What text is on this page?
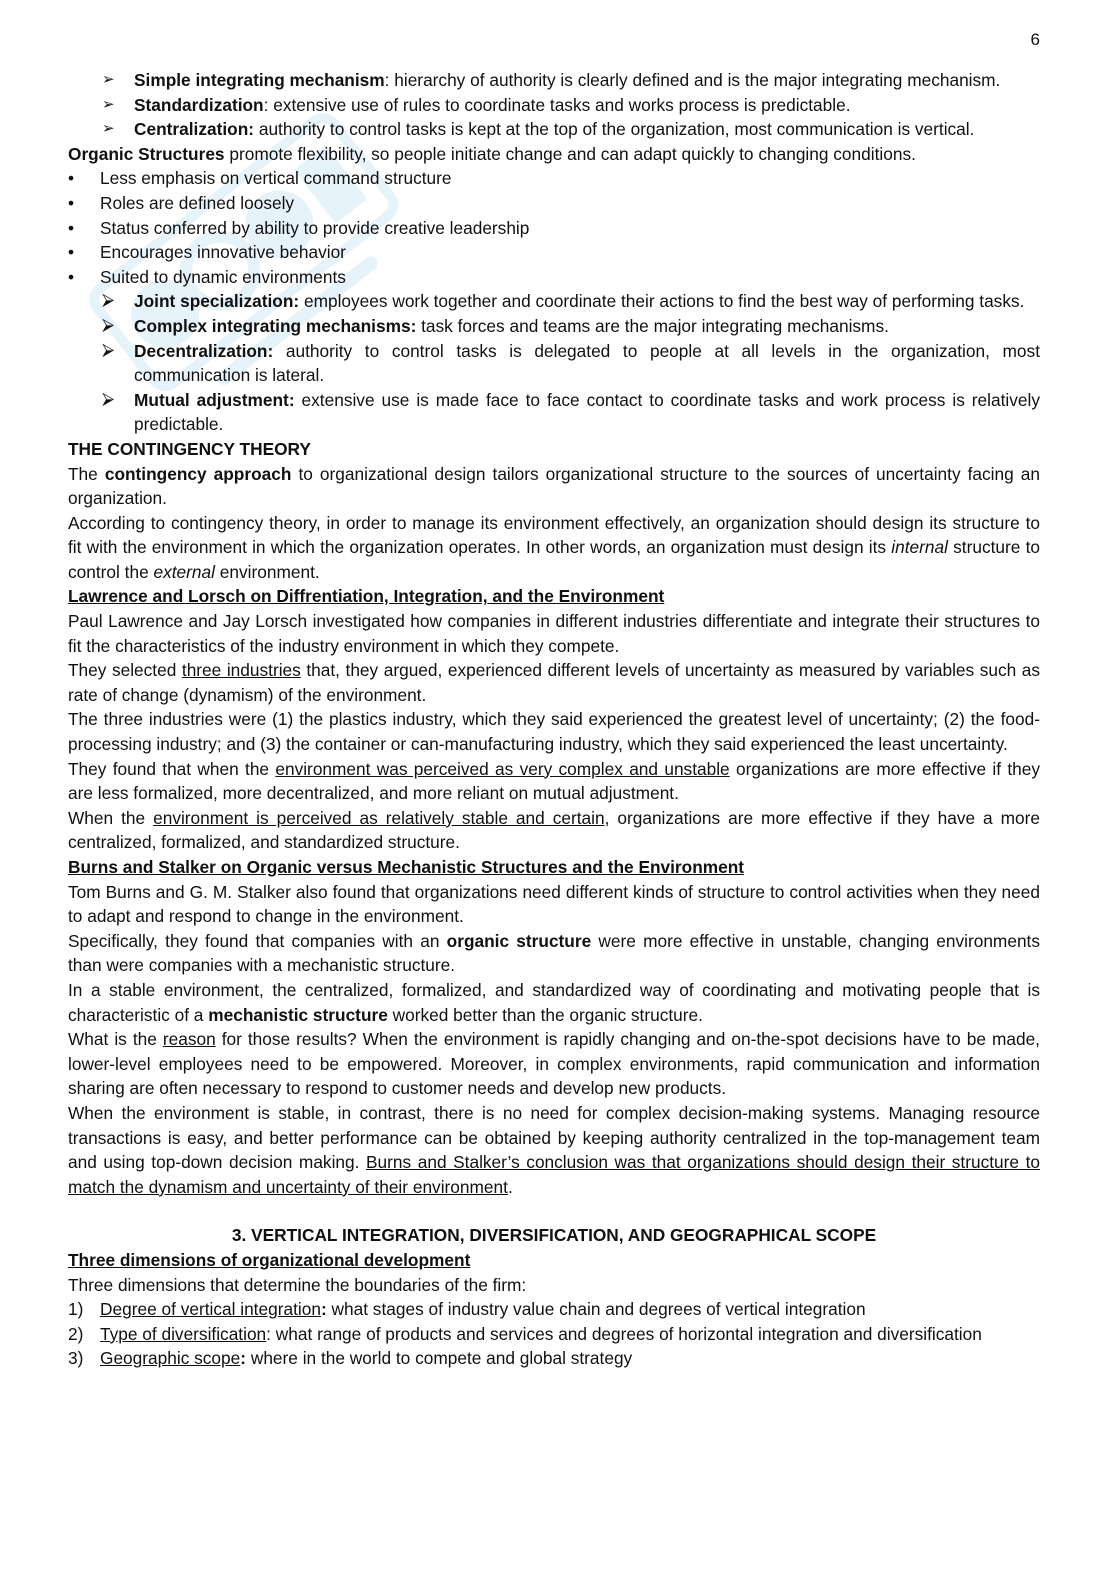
6
➢ Simple integrating mechanism: hierarchy of authority is clearly defined and is the major integrating mechanism.
➢ Standardization: extensive use of rules to coordinate tasks and works process is predictable.
➢ Centralization: authority to control tasks is kept at the top of the organization, most communication is vertical.

Organic Structures promote flexibility, so people initiate change and can adapt quickly to changing conditions.

• Less emphasis on vertical command structure
• Roles are defined loosely
• Status conferred by ability to provide creative leadership
• Encourages innovative behavior
• Suited to dynamic environments
⮚ Joint specialization: employees work together and coordinate their actions to find the best way of performing tasks.
⮚ Complex integrating mechanisms: task forces and teams are the major integrating mechanisms.
⮚ Decentralization: authority to control tasks is delegated to people at all levels in the organization, most communication is lateral.
⮚ Mutual adjustment: extensive use is made face to face contact to coordinate tasks and work process is relatively predictable.

THE CONTINGENCY THEORY

The contingency approach to organizational design tailors organizational structure to the sources of uncertainty facing an organization.

According to contingency theory, in order to manage its environment effectively, an organization should design its structure to fit with the environment in which the organization operates. In other words, an organization must design its internal structure to control the external environment.

Lawrence and Lorsch on Diffrentiation, Integration, and the Environment

Paul Lawrence and Jay Lorsch investigated how companies in different industries differentiate and integrate their structures to fit the characteristics of the industry environment in which they compete.

They selected three industries that, they argued, experienced different levels of uncertainty as measured by variables such as rate of change (dynamism) of the environment.

The three industries were (1) the plastics industry, which they said experienced the greatest level of uncertainty; (2) the food-processing industry; and (3) the container or can-manufacturing industry, which they said experienced the least uncertainty.

They found that when the environment was perceived as very complex and unstable organizations are more effective if they are less formalized, more decentralized, and more reliant on mutual adjustment.

When the environment is perceived as relatively stable and certain, organizations are more effective if they have a more centralized, formalized, and standardized structure.

Burns and Stalker on Organic versus Mechanistic Structures and the Environment

Tom Burns and G. M. Stalker also found that organizations need different kinds of structure to control activities when they need to adapt and respond to change in the environment.

Specifically, they found that companies with an organic structure were more effective in unstable, changing environments than were companies with a mechanistic structure.

In a stable environment, the centralized, formalized, and standardized way of coordinating and motivating people that is characteristic of a mechanistic structure worked better than the organic structure.

What is the reason for those results? When the environment is rapidly changing and on-the-spot decisions have to be made, lower-level employees need to be empowered. Moreover, in complex environments, rapid communication and information sharing are often necessary to respond to customer needs and develop new products.

When the environment is stable, in contrast, there is no need for complex decision-making systems. Managing resource transactions is easy, and better performance can be obtained by keeping authority centralized in the top-management team and using top-down decision making. Burns and Stalker’s conclusion was that organizations should design their structure to match the dynamism and uncertainty of their environment.

3. VERTICAL INTEGRATION, DIVERSIFICATION, AND GEOGRAPHICAL SCOPE

Three dimensions of organizational development

Three dimensions that determine the boundaries of the firm:

1) Degree of vertical integration: what stages of industry value chain and degrees of vertical integration
2) Type of diversification: what range of products and services and degrees of horizontal integration and diversification
3) Geographic scope: where in the world to compete and global strategy
